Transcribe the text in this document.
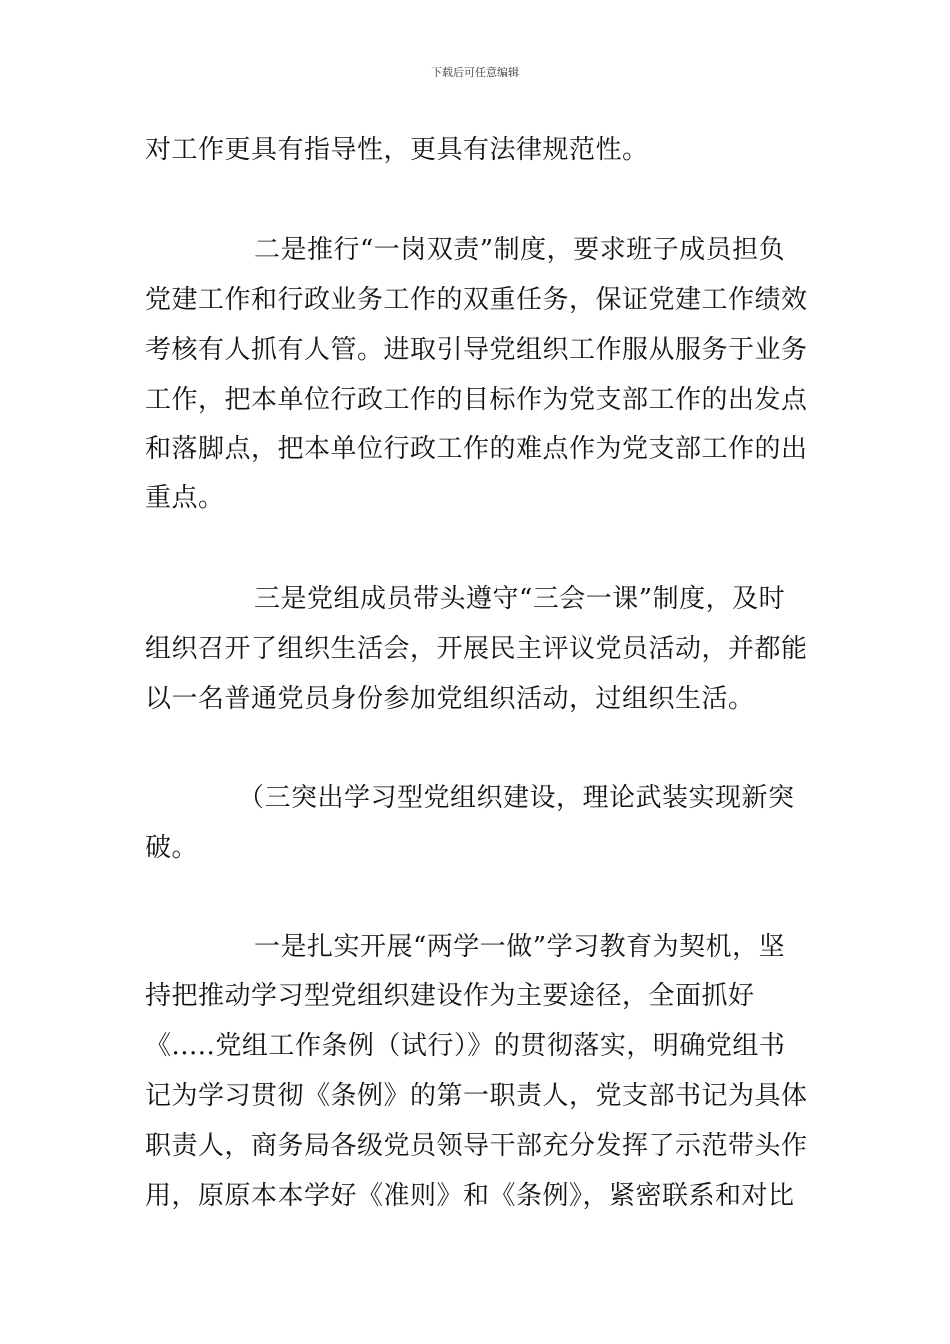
下载后可任意编辑
对工作更具有指导性，更具有法律规范性。
二是推行“一岗双责”制度，要求班子成员担负
党建工作和行政业务工作的双重任务，保证党建工作绩效
考核有人抓有人管。进取引导党组织工作服从服务于业务
工作，把本单位行政工作的目标作为党支部工作的出发点
和落脚点，把本单位行政工作的难点作为党支部工作的出
重点。
三是党组成员带头遵守“三会一课”制度，及时
组织召开了组织生活会，开展民主评议党员活动，并都能
以一名普通党员身份参加党组织活动，过组织生活。
（三突出学习型党组织建设，理论武装实现新突
破。
一是扎实开展“两学一做”学习教育为契机，坚
持把推动学习型党组织建设作为主要途径，全面抓好
《.....党组工作条例（试行）》的贯彻落实，明确党组书
记为学习贯彻《条例》的第一职责人，党支部书记为具体
职责人，商务局各级党员领导干部充分发挥了示范带头作
用，原原本本学好《准则》和《条例》，紧密联系和对比
